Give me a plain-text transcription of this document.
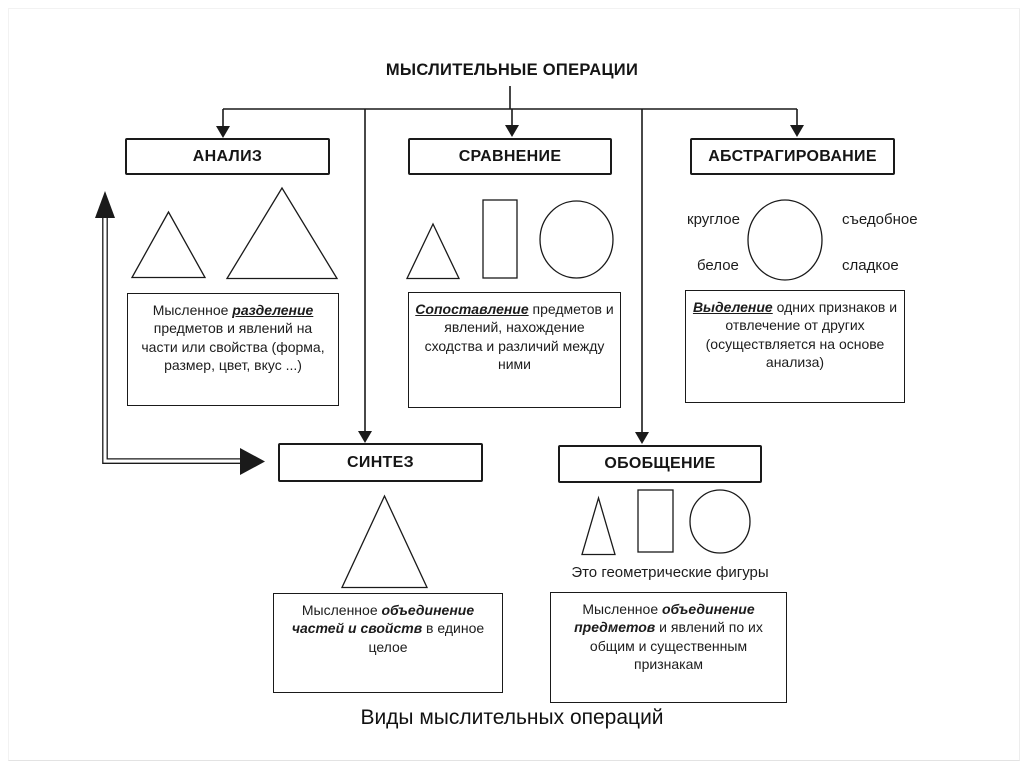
МЫСЛИТЕЛЬНЫЕ ОПЕРАЦИИ
АНАЛИЗ	СРАВНЕНИЕ	АБСТРАГИРОВАНИЕ
СИНТЕЗ	ОБОБЩЕНИЕ
круглое	съедобное
белое	сладкое
Мысленное разделение предметов и явлений на части или свойства (форма, размер, цвет, вкус ...)
Сопоставление предметов и явлений, нахождение сходства и различий между ними
Выделение одних признаков и отвлечение от других (осуществляется на основе анализа)
Мысленное объединение частей и свойств в единое целое
Мысленное объединение предметов и явлений по их общим и существенным признакам
Это геометрические фигуры
Виды мыслительных операций
